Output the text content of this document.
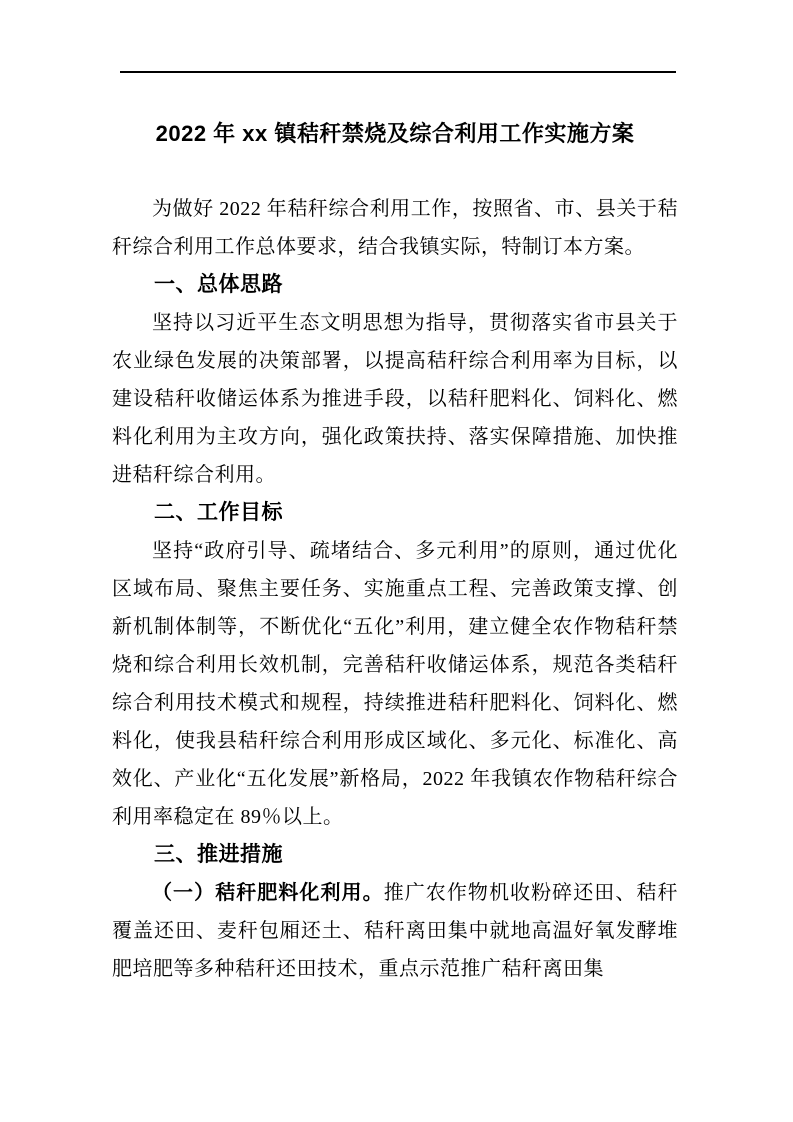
2022 年 xx 镇秸秆禁烧及综合利用工作实施方案

为做好 2022 年秸秆综合利用工作，按照省、市、县关于秸秆综合利用工作总体要求，结合我镇实际，特制订本方案。

一、总体思路

坚持以习近平生态文明思想为指导，贯彻落实省市县关于农业绿色发展的决策部署，以提高秸秆综合利用率为目标，以建设秸秆收储运体系为推进手段，以秸秆肥料化、饲料化、燃料化利用为主攻方向，强化政策扶持、落实保障措施、加快推进秸秆综合利用。

二、工作目标

坚持“政府引导、疏堵结合、多元利用”的原则，通过优化区域布局、聚焦主要任务、实施重点工程、完善政策支撑、创新机制体制等，不断优化“五化”利用，建立健全农作物秸秆禁烧和综合利用长效机制，完善秸秆收储运体系，规范各类秸秆综合利用技术模式和规程，持续推进秸秆肥料化、饲料化、燃料化，使我县秸秆综合利用形成区域化、多元化、标准化、高效化、产业化“五化发展”新格局，2022 年我镇农作物秸秆综合利用率稳定在 89％以上。

三、推进措施

（一）秸秆肥料化利用。推广农作物机收粉碎还田、秸秆覆盖还田、麦秆包厢还土、秸秆离田集中就地高温好氧发酵堆肥培肥等多种秸秆还田技术，重点示范推广秸秆离田集
